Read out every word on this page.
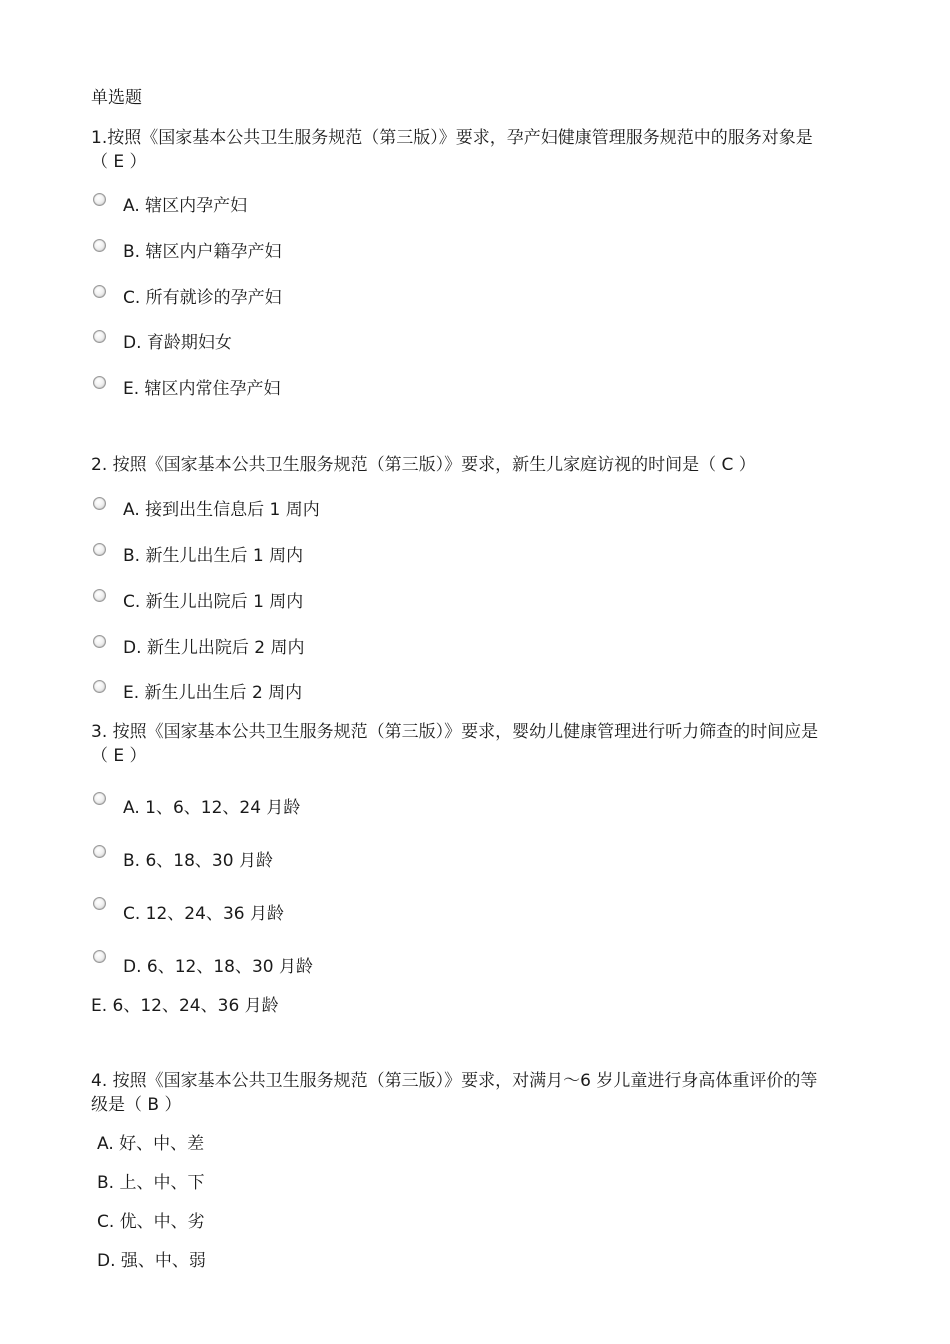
单选题
1.按照《国家基本公共卫生服务规范（第三版）》要求，孕产妇健康管理服务规范中的服务对象是
（ E ）
A. 辖区内孕产妇
B. 辖区内户籍孕产妇
C. 所有就诊的孕产妇
D. 育龄期妇女
E. 辖区内常住孕产妇
2. 按照《国家基本公共卫生服务规范（第三版）》要求，新生儿家庭访视的时间是（ C ）
A. 接到出生信息后 1 周内
B. 新生儿出生后 1 周内
C. 新生儿出院后 1 周内
D. 新生儿出院后 2 周内
E. 新生儿出生后 2 周内
3. 按照《国家基本公共卫生服务规范（第三版）》要求，婴幼儿健康管理进行听力筛查的时间应是
（ E ）
A. 1、6、12、24 月龄
B. 6、18、30 月龄
C. 12、24、36 月龄
D. 6、12、18、30 月龄
E. 6、12、24、36 月龄
4. 按照《国家基本公共卫生服务规范（第三版）》要求，对满月～6 岁儿童进行身高体重评价的等
级是（ B ）
A. 好、中、差
B. 上、中、下
C. 优、中、劣
D. 强、中、弱
